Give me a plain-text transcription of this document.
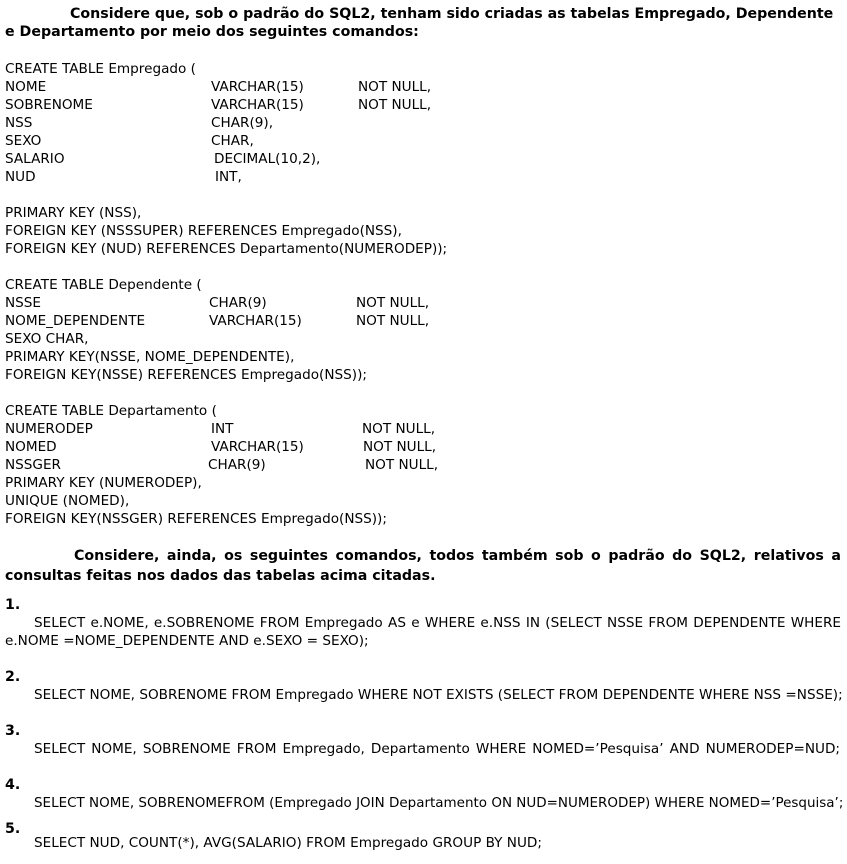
Considere que, sob o padrão do SQL2, tenham sido criadas as tabelas Empregado, Dependente
e Departamento por meio dos seguintes comandos:
CREATE TABLE Empregado (
NOME	VARCHAR(15)	NOT NULL,
SOBRENOME	VARCHAR(15)	NOT NULL,
NSS	CHAR(9),
SEXO	CHAR,
SALARIO	DECIMAL(10,2),
NUD	INT,
PRIMARY KEY (NSS),
FOREIGN KEY (NSSSUPER) REFERENCES Empregado(NSS),
FOREIGN KEY (NUD) REFERENCES Departamento(NUMERODEP));
CREATE TABLE Dependente (
NSSE	CHAR(9)	NOT NULL,
NOME_DEPENDENTE	VARCHAR(15)	NOT NULL,
SEXO CHAR,
PRIMARY KEY(NSSE, NOME_DEPENDENTE),
FOREIGN KEY(NSSE) REFERENCES Empregado(NSS));
CREATE TABLE Departamento (
NUMERODEP	INT	NOT NULL,
NOMED	VARCHAR(15)	NOT NULL,
NSSGER	CHAR(9)	NOT NULL,
PRIMARY KEY (NUMERODEP),
UNIQUE (NOMED),
FOREIGN KEY(NSSGER) REFERENCES Empregado(NSS));
Considere, ainda, os seguintes comandos, todos também sob o padrão do SQL2, relativos a
consultas feitas nos dados das tabelas acima citadas.
1.
SELECT e.NOME, e.SOBRENOME FROM Empregado AS e WHERE e.NSS IN (SELECT NSSE FROM DEPENDENTE WHERE
e.NOME =NOME_DEPENDENTE AND e.SEXO = SEXO);
2.
SELECT NOME, SOBRENOME FROM Empregado WHERE NOT EXISTS (SELECT FROM DEPENDENTE WHERE NSS =NSSE);
3.
SELECT NOME, SOBRENOME FROM Empregado, Departamento WHERE NOMED=’Pesquisa’ AND NUMERODEP=NUD;
4.
SELECT NOME, SOBRENOMEFROM (Empregado JOIN Departamento ON NUD=NUMERODEP) WHERE NOMED=’Pesquisa’;
5.
SELECT NUD, COUNT(*), AVG(SALARIO) FROM Empregado GROUP BY NUD;
